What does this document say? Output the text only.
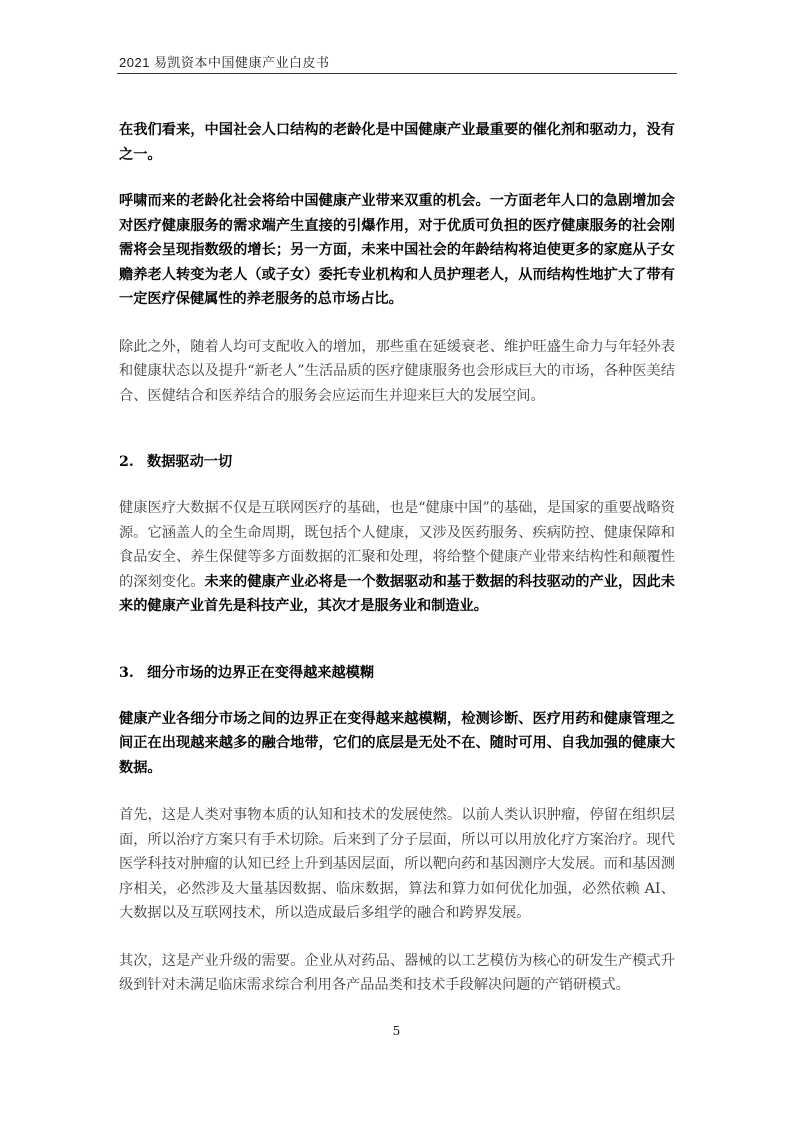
2021 易凯资本中国健康产业白皮书

在我们看来，中国社会人口结构的老龄化是中国健康产业最重要的催化剂和驱动力，没有之一。

呼啸而来的老龄化社会将给中国健康产业带来双重的机会。一方面老年人口的急剧增加会对医疗健康服务的需求端产生直接的引爆作用，对于优质可负担的医疗健康服务的社会刚需将会呈现指数级的增长；另一方面，未来中国社会的年龄结构将迫使更多的家庭从子女赡养老人转变为老人（或子女）委托专业机构和人员护理老人，从而结构性地扩大了带有一定医疗保健属性的养老服务的总市场占比。

除此之外，随着人均可支配收入的增加，那些重在延缓衰老、维护旺盛生命力与年轻外表和健康状态以及提升“新老人”生活品质的医疗健康服务也会形成巨大的市场，各种医美结合、医健结合和医养结合的服务会应运而生并迎来巨大的发展空间。

2. 数据驱动一切

健康医疗大数据不仅是互联网医疗的基础，也是“健康中国”的基础，是国家的重要战略资源。它涵盖人的全生命周期，既包括个人健康，又涉及医药服务、疾病防控、健康保障和食品安全、养生保健等多方面数据的汇聚和处理，将给整个健康产业带来结构性和颠覆性的深刻变化。未来的健康产业必将是一个数据驱动和基于数据的科技驱动的产业，因此未来的健康产业首先是科技产业，其次才是服务业和制造业。

3. 细分市场的边界正在变得越来越模糊

健康产业各细分市场之间的边界正在变得越来越模糊，检测诊断、医疗用药和健康管理之间正在出现越来越多的融合地带，它们的底层是无处不在、随时可用、自我加强的健康大数据。

首先，这是人类对事物本质的认知和技术的发展使然。以前人类认识肿瘤，停留在组织层面，所以治疗方案只有手术切除。后来到了分子层面，所以可以用放化疗方案治疗。现代医学科技对肿瘤的认知已经上升到基因层面，所以靶向药和基因测序大发展。而和基因测序相关，必然涉及大量基因数据、临床数据，算法和算力如何优化加强，必然依赖 AI、大数据以及互联网技术，所以造成最后多组学的融合和跨界发展。

其次，这是产业升级的需要。企业从对药品、器械的以工艺模仿为核心的研发生产模式升级到针对未满足临床需求综合利用各产品品类和技术手段解决问题的产销研模式。

5
